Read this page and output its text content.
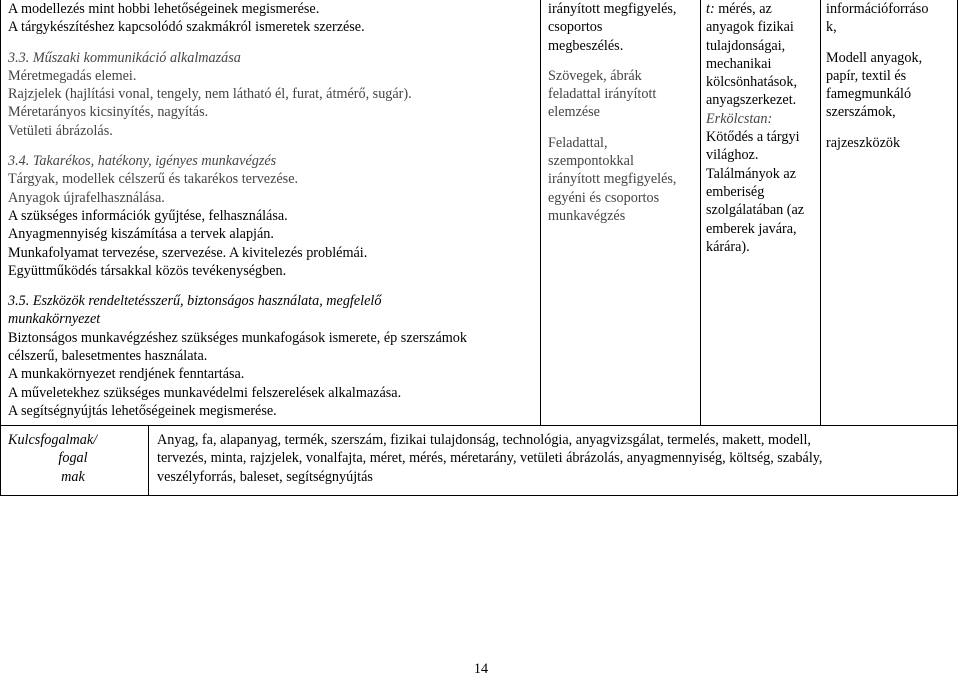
A modellezés mint hobbi lehetőségeinek megismerése.
A tárgykészítéshez kapcsolódó szakmákról ismeretek szerzése.
3.3. Műszaki kommunikáció alkalmazása
Méretmegadás elemei.
Rajzjelek (hajlítási vonal, tengely, nem látható él, furat, átmérő, sugár).
Méretarányos kicsinyítés, nagyítás.
Vetületi ábrázolás.
3.4. Takarékos, hatékony, igényes munkavégzés
Tárgyak, modellek célszerű és takarékos tervezése.
Anyagok újrafelhasználása.
A szükséges információk gyűjtése, felhasználása.
Anyagmennyiség kiszámítása a tervek alapján.
Munkafolyamat tervezése, szervezése. A kivitelezés problémái.
Együttműködés társakkal közös tevékenységben.
3.5. Eszközök rendeltetésszerű, biztonságos használata, megfelelő
munkakörnyezet
Biztonságos munkavégzéshez szükséges munkafogások ismerete, ép szerszámok
célszerű, balesetmentes használata.
A munkakörnyezet rendjének fenntartása.
A műveletekhez szükséges munkavédelmi felszerelések alkalmazása.
A segítségnyújtás lehetőségeinek megismerése.
irányított megfigyelés,
csoportos
megbeszélés.
Szövegek, ábrák
feladattal irányított
elemzése
Feladattal,
szempontokkal
irányított megfigyelés,
egyéni és csoportos
munkavégzés
t: mérés, az
anyagok fizikai
tulajdonságai,
mechanikai
kölcsönhatások,
anyagszerkezet.
Erkölcstan:
Kötődés a tárgyi
világhoz.
Találmányok az
emberiség
szolgálatában (az
emberek javára,
kárára).
információforráso
k,
Modell anyagok,
papír, textil és
famegmunkáló
szerszámok,
rajzeszközök
Kulcsfogalmak/
fogal
mak
Anyag, fa, alapanyag, termék, szerszám, fizikai tulajdonság, technológia, anyagvizsgálat, termelés, makett, modell,
tervezés, minta, rajzjelek, vonalfajta, méret, mérés, méretarány, vetületi ábrázolás, anyagmennyiség, költség, szabály,
veszélyforrás, baleset, segítségnyújtás
14
